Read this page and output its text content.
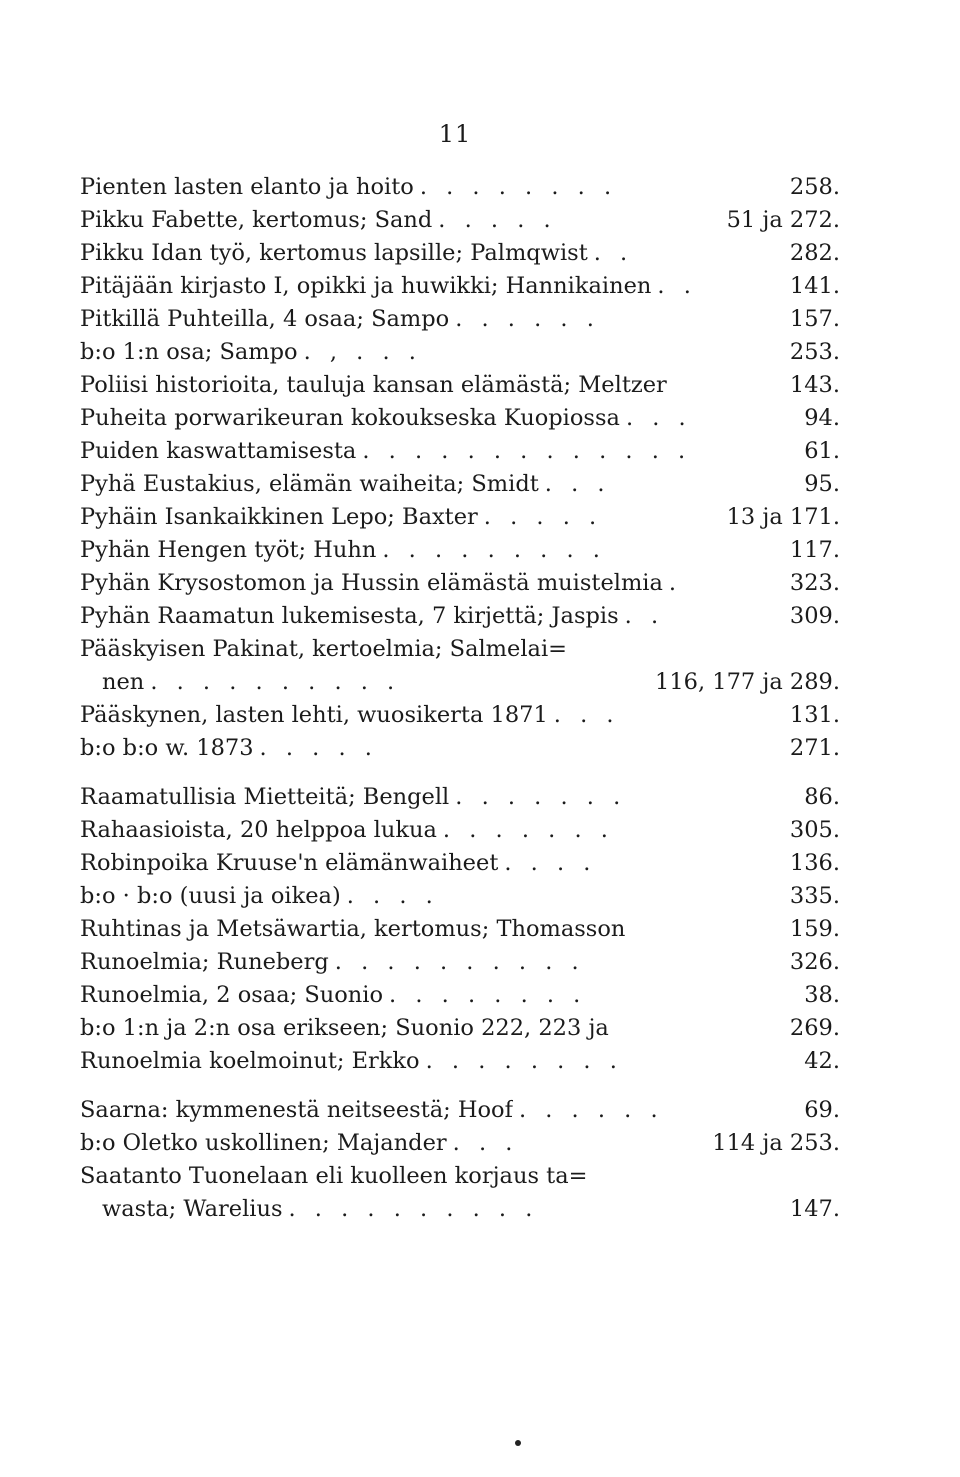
11
Pienten lasten elanto ja hoito . . . . . . . .	258.
Pikku Fabette, kertomus; Sand . . . . .	51 ja 272.
Pikku Idan työ, kertomus lapsille; Palmqwist . .	282.
Pitäjään kirjasto I, opikki ja huwikki; Hannikainen . .	141.
Pitkillä Puhteilla, 4 osaa; Sampo . . . . . .	157.
b:o 1:n osa; Sampo . , . . .	253.
Poliisi historioita, tauluja kansan elämästä; Meltzer	143.
Puheita porwarikeuran kokoukseska Kuopiossa . . .	94.
Puiden kaswattamisesta . . . . . . . . . . . . .	61.
Pyhä Eustakius, elämän waiheita; Smidt . . .	95.
Pyhäin Isankaikkinen Lepo; Baxter . . . . .	13 ja 171.
Pyhän Hengen työt; Huhn . . . . . . . . .	117.
Pyhän Krysostomon ja Hussin elämästä muistelmia .	323.
Pyhän Raamatun lukemisesta, 7 kirjettä; Jaspis . .	309.
Pääskyisen Pakinat, kertoelmia; Salmelai=
nen . . . . . . . . . .	116, 177 ja 289.
Pääskynen, lasten lehti, wuosikerta 1871 . . .	131.
b:o b:o w. 1873 . . . . .	271.
Raamatullisia Mietteitä; Bengell . . . . . . .	86.
Rahaasioista, 20 helppoa lukua . . . . . . .	305.
Robinpoika Kruuse'n elämänwaiheet . . . .	136.
b:o · b:o (uusi ja oikea) . . . .	335.
Ruhtinas ja Metsäwartia, kertomus; Thomasson	159.
Runoelmia; Runeberg . . . . . . . . . .	326.
Runoelmia, 2 osaa; Suonio . . . . . . . .	38.
b:o 1:n ja 2:n osa erikseen; Suonio 222, 223 ja	269.
Runoelmia koelmoinut; Erkko . . . . . . . .	42.
Saarna: kymmenestä neitseestä; Hoof . . . . . .	69.
b:o Oletko uskollinen; Majander . . .	114 ja 253.
Saatanto Tuonelaan eli kuolleen korjaus ta=
wasta; Warelius . . . . . . . . . .	147.
